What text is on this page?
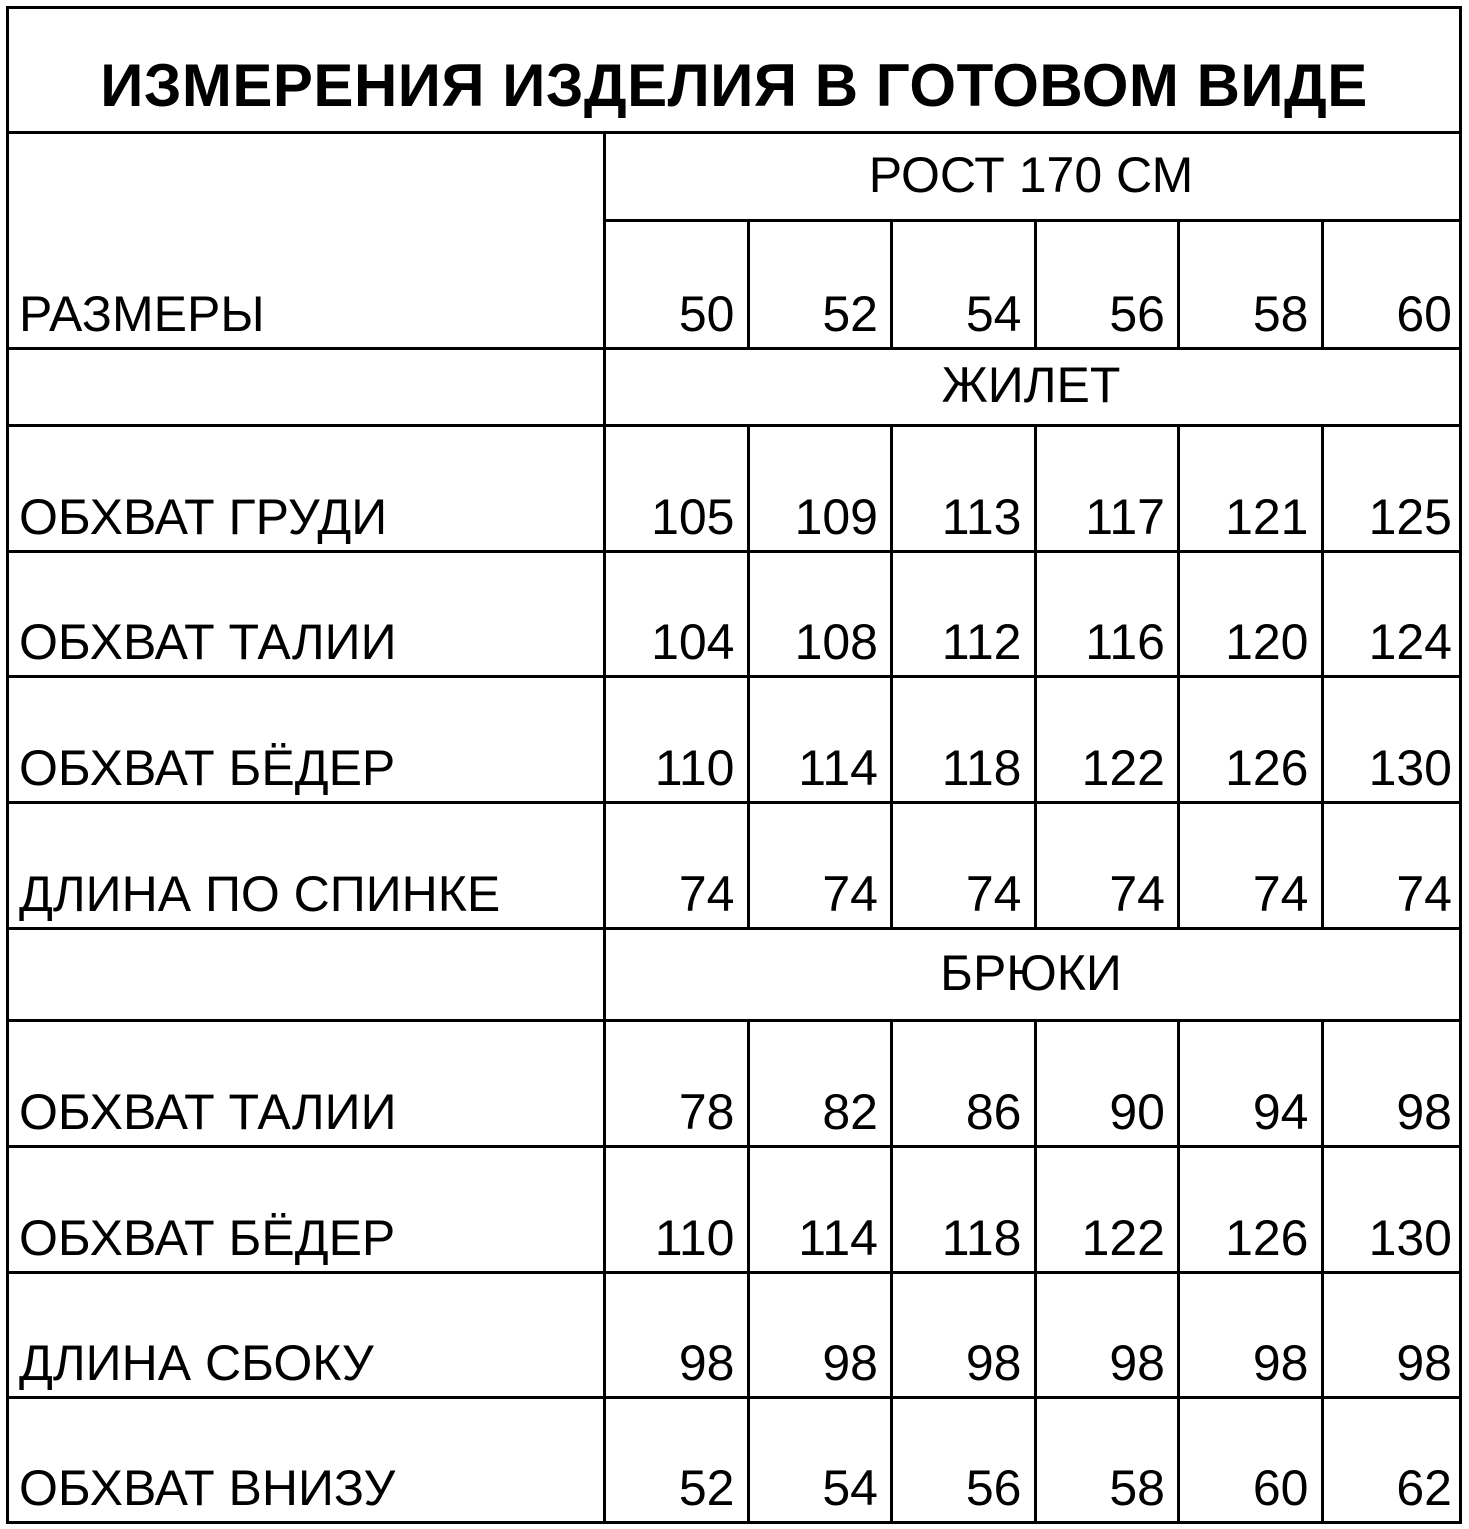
ИЗМЕРЕНИЯ ИЗДЕЛИЯ В ГОТОВОМ ВИДЕ
РОСТ 170 СМ
РАЗМЕРЫ	50	52	54	56	58	60
ЖИЛЕТ
ОБХВАТ ГРУДИ	105	109	113	117	121	125
ОБХВАТ ТАЛИИ	104	108	112	116	120	124
ОБХВАТ БЁДЕР	110	114	118	122	126	130
ДЛИНА ПО СПИНКЕ	74	74	74	74	74	74
БРЮКИ
ОБХВАТ ТАЛИИ	78	82	86	90	94	98
ОБХВАТ БЁДЕР	110	114	118	122	126	130
ДЛИНА СБОКУ	98	98	98	98	98	98
ОБХВАТ ВНИЗУ	52	54	56	58	60	62
